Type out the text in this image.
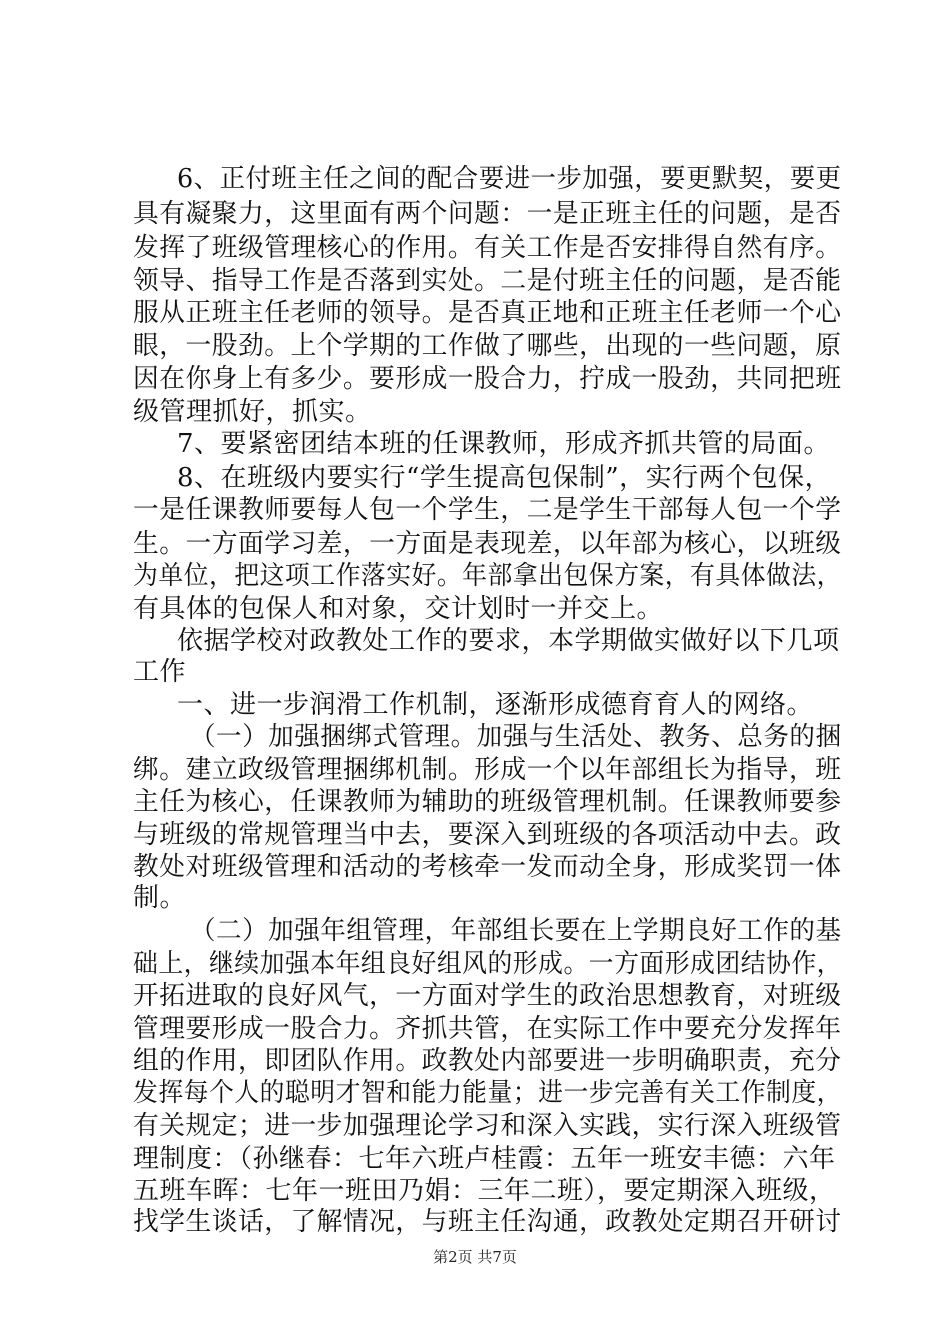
6、正付班主任之间的配合要进一步加强，要更默契，要更
具有凝聚力，这里面有两个问题：一是正班主任的问题，是否
发挥了班级管理核心的作用。有关工作是否安排得自然有序。
领导、指导工作是否落到实处。二是付班主任的问题，是否能
服从正班主任老师的领导。是否真正地和正班主任老师一个心
眼，一股劲。上个学期的工作做了哪些，出现的一些问题，原
因在你身上有多少。要形成一股合力，拧成一股劲，共同把班
级管理抓好，抓实。
7、要紧密团结本班的任课教师，形成齐抓共管的局面。
8、在班级内要实行“学生提高包保制”，实行两个包保，
一是任课教师要每人包一个学生，二是学生干部每人包一个学
生。一方面学习差，一方面是表现差，以年部为核心，以班级
为单位，把这项工作落实好。年部拿出包保方案，有具体做法，
有具体的包保人和对象，交计划时一并交上。
依据学校对政教处工作的要求，本学期做实做好以下几项
工作
一、进一步润滑工作机制，逐渐形成德育育人的网络。
（一）加强捆绑式管理。加强与生活处、教务、总务的捆
绑。建立政级管理捆绑机制。形成一个以年部组长为指导，班
主任为核心，任课教师为辅助的班级管理机制。任课教师要参
与班级的常规管理当中去，要深入到班级的各项活动中去。政
教处对班级管理和活动的考核牵一发而动全身，形成奖罚一体
制。
（二）加强年组管理，年部组长要在上学期良好工作的基
础上，继续加强本年组良好组风的形成。一方面形成团结协作，
开拓进取的良好风气，一方面对学生的政治思想教育，对班级
管理要形成一股合力。齐抓共管，在实际工作中要充分发挥年
组的作用，即团队作用。政教处内部要进一步明确职责，充分
发挥每个人的聪明才智和能力能量；进一步完善有关工作制度，
有关规定；进一步加强理论学习和深入实践，实行深入班级管
理制度：（孙继春：七年六班卢桂霞：五年一班安丰德：六年
五班车晖：七年一班田乃娟：三年二班），要定期深入班级，
找学生谈话，了解情况，与班主任沟通，政教处定期召开研讨
第2页 共7页
